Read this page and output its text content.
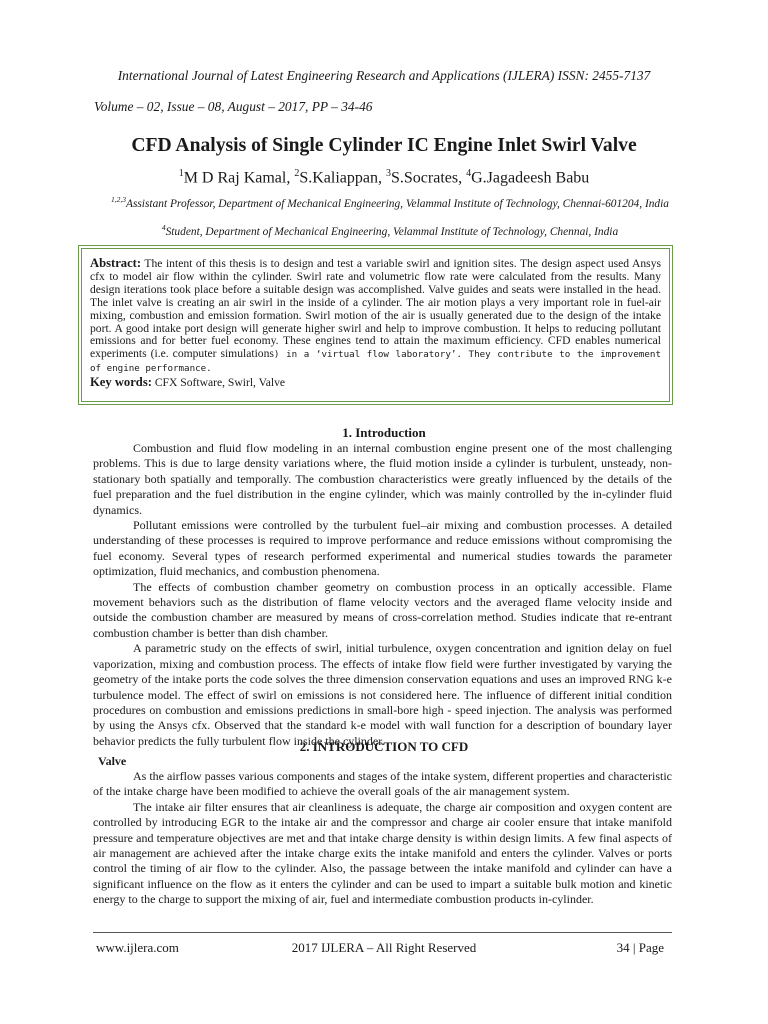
International Journal of Latest Engineering Research and Applications (IJLERA) ISSN: 2455-7137
Volume – 02, Issue – 08, August – 2017, PP – 34-46
CFD Analysis of Single Cylinder IC Engine Inlet Swirl Valve
$^1$M D Raj Kamal, $^2$S.Kaliappan, $^3$S.Socrates, $^4$G.Jagadeesh Babu
$^{1,2,3}$Assistant Professor, Department of Mechanical Engineering, Velammal Institute of Technology, Chennai-601204, India
$^4$Student, Department of Mechanical Engineering, Velammal Institute of Technology, Chennai, India
Abstract: The intent of this thesis is to design and test a variable swirl and ignition sites. The design aspect used Ansys cfx to model air flow within the cylinder. Swirl rate and volumetric flow rate were calculated from the results. Many design iterations took place before a suitable design was accomplished. Valve guides and seats were installed in the head. The inlet valve is creating an air swirl in the inside of a cylinder. The air motion plays a very important role in fuel-air mixing, combustion and emission formation. Swirl motion of the air is usually generated due to the design of the intake port. A good intake port design will generate higher swirl and help to improve combustion. It helps to reducing pollutant emissions and for better fuel economy. These engines tend to attain the maximum efficiency. CFD enables numerical experiments (i.e. computer simulations) in a ‘virtual flow laboratory’. They contribute to the improvement of engine performance.
Key words: CFX Software, Swirl, Valve
1. Introduction

Combustion and fluid flow modeling in an internal combustion engine present one of the most challenging problems. This is due to large density variations where, the fluid motion inside a cylinder is turbulent, unsteady, non-stationary both spatially and temporally. The combustion characteristics were greatly influenced by the details of the fuel preparation and the fuel distribution in the engine cylinder, which was mainly controlled by the in-cylinder fluid dynamics.

Pollutant emissions were controlled by the turbulent fuel–air mixing and combustion processes. A detailed understanding of these processes is required to improve performance and reduce emissions without compromising the fuel economy. Several types of research performed experimental and numerical studies towards the parameter optimization, fluid mechanics, and combustion phenomena.

The effects of combustion chamber geometry on combustion process in an optically accessible. Flame movement behaviors such as the distribution of flame velocity vectors and the averaged flame velocity inside and outside the combustion chamber are measured by means of cross-correlation method. Studies indicate that re-entrant combustion chamber is better than dish chamber.

A parametric study on the effects of swirl, initial turbulence, oxygen concentration and ignition delay on fuel vaporization, mixing and combustion process. The effects of intake flow field were further investigated by varying the geometry of the intake ports the code solves the three dimension conservation equations and uses an improved RNG k-e turbulence model. The effect of swirl on emissions is not considered here. The influence of different initial condition procedures on combustion and emissions predictions in small-bore high - speed injection. The analysis was performed by using the Ansys cfx. Observed that the standard k-e model with wall function for a description of boundary layer behavior predicts the fully turbulent flow inside the cylinder.

2. INTRODUCTION TO CFD
Valve

As the airflow passes various components and stages of the intake system, different properties and characteristic of the intake charge have been modified to achieve the overall goals of the air management system.

The intake air filter ensures that air cleanliness is adequate, the charge air composition and oxygen content are controlled by introducing EGR to the intake air and the compressor and charge air cooler ensure that intake manifold pressure and temperature objectives are met and that intake charge density is within design limits. A few final aspects of air management are achieved after the intake charge exits the intake manifold and enters the cylinder. Valves or ports control the timing of air flow to the cylinder. Also, the passage between the intake manifold and cylinder can have a significant influence on the flow as it enters the cylinder and can be used to impart a suitable bulk motion and kinetic energy to the charge to support the mixing of air, fuel and intermediate combustion products in-cylinder.

www.ijlera.com	2017 IJLERA – All Right Reserved	34 | Page
